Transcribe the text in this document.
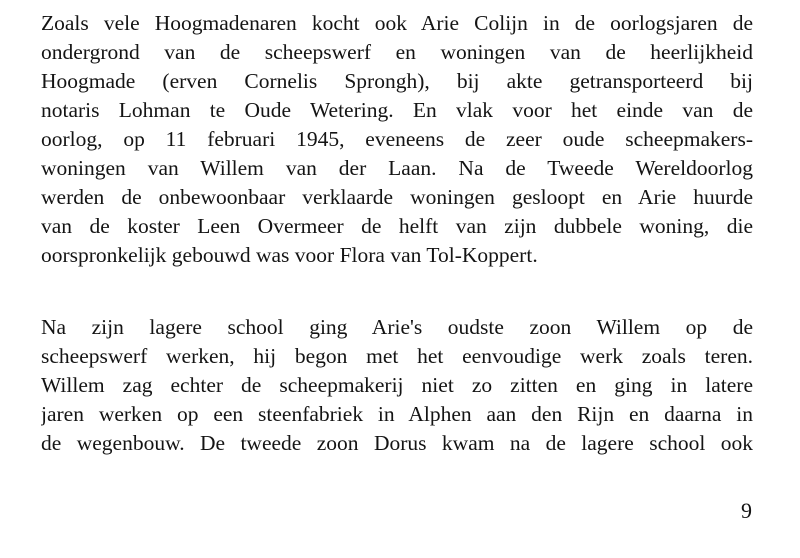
Zoals vele Hoogmadenaren kocht ook Arie Colijn in de oorlogsjaren de
ondergrond van de scheepswerf en woningen van de heerlijkheid
Hoogmade (erven Cornelis Sprongh), bij akte getransporteerd bij
notaris Lohman te Oude Wetering. En vlak voor het einde van de
oorlog, op 11 februari 1945, eveneens de zeer oude scheepmakers-
woningen van Willem van der Laan. Na de Tweede Wereldoorlog
werden de onbewoonbaar verklaarde woningen gesloopt en Arie huurde
van de koster Leen Overmeer de helft van zijn dubbele woning, die
oorspronkelijk gebouwd was voor Flora van Tol-Koppert.

Na zijn lagere school ging Arie's oudste zoon Willem op de
scheepswerf werken, hij begon met het eenvoudige werk zoals teren.
Willem zag echter de scheepmakerij niet zo zitten en ging in latere
jaren werken op een steenfabriek in Alphen aan den Rijn en daarna in
de wegenbouw. De tweede zoon Dorus kwam na de lagere school ook

9
